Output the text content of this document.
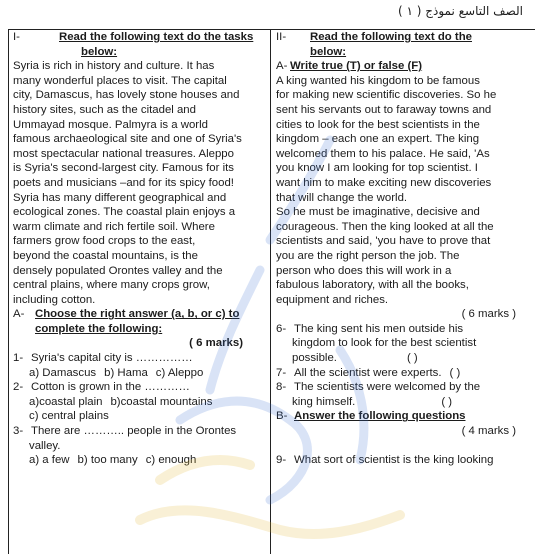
الصف التاسع نموذج ( ١ )
I-	Read the following text do the tasks
below:
Syria is rich in history and culture. It has
many wonderful places to visit. The capital
city, Damascus, has lovely stone houses and
history sites, such as the citadel and
Ummayad mosque. Palmyra is a world
famous archaeological site and one of Syria's
most spectacular national treasures. Aleppo
is Syria's second-largest city. Famous for its
poets and musicians –and for its spicy food!
Syria has many different geographical and
ecological zones. The coastal plain enjoys a
warm climate and rich fertile soil. Where
farmers grow food crops to the east,
beyond the coastal mountains, is the
densely populated Orontes valley and the
central plains, where many crops grow,
including cotton.
A- Choose the right answer (a, b, or c) to
complete the following:
( 6 marks)
1- Syria's capital city is ……………
a) Damascus b) Hama c) Aleppo
2- Cotton is grown in the …………
a)coastal plain b)coastal mountains
c) central plains
3- There are ……….. people in the Orontes
valley.
a) a few b) too many c) enough
II- Read the following text do the
below:
A- Write true (T) or false (F)
A king wanted his kingdom to be famous
for making new scientific discoveries. So he
sent his servants out to faraway towns and
cities to look for the best scientists in the
kingdom – each one an expert. The king
welcomed them to his palace. He said, 'As
you know I am looking for top scientist. I
want him to make exciting new discoveries
that will change the world.
So he must be imaginative, decisive and
courageous. Then the king looked at all the
scientists and said, 'you have to prove that
you are the right person the job. The
person who does this will work in a
fabulous laboratory, with all the books,
equipment and riches.
( 6 marks )
6- The king sent his men outside his
kingdom to look for the best scientist
possible.	( )
7- All the scientist were experts. ( )
8- The scientists were welcomed by the
king himself.	( )
B- Answer the following questions
( 4 marks )
9- What sort of scientist is the king looking
